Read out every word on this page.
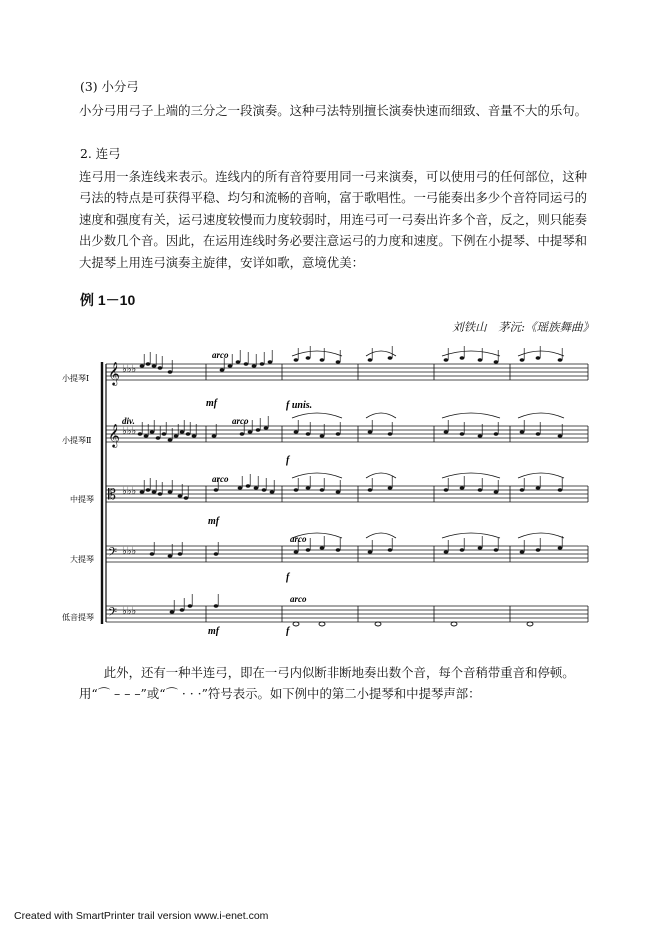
(3) 小分弓

小分弓用弓子上端的三分之一段演奏。这种弓法特别擅长演奏快速而细致、音量不大的乐句。

2. 连弓

连弓用一条连线来表示。连线内的所有音符要用同一弓来演奏，可以使用弓的任何部位，这种弓法的特点是可获得平稳、均匀和流畅的音响，富于歌唱性。一弓能奏出多少个音符同运弓的速度和强度有关，运弓速度较慢而力度较弱时，用连弓可一弓奏出许多个音，反之，则只能奏出少数几个音。因此，在运用连线时务必要注意运弓的力度和速度。下例在小提琴、中提琴和大提琴上用连弓演奏主旋律，安详如歌，意境优美：

例 1－10
刘铁山　茅沅:《瑶族舞曲》
𝄞 ♭♭♭
𝄞 ♭♭♭
𝄡 ♭♭♭
𝄢 ♭♭♭
𝄢 ♭♭♭
小提琴Ⅰ
小提琴Ⅱ
中提琴
大提琴
低音提琴
arco
mf
div.	arco
f unis.
f
arco
mf
arco
f
arco
mf	f

此外，还有一种半连弓，即在一弓内似断非断地奏出数个音，每个音稍带重音和停顿。用“⌒ – – –”或“⌒ · · ·”符号表示。如下例中的第二小提琴和中提琴声部：

Created with SmartPrinter trail version www.i-enet.com
